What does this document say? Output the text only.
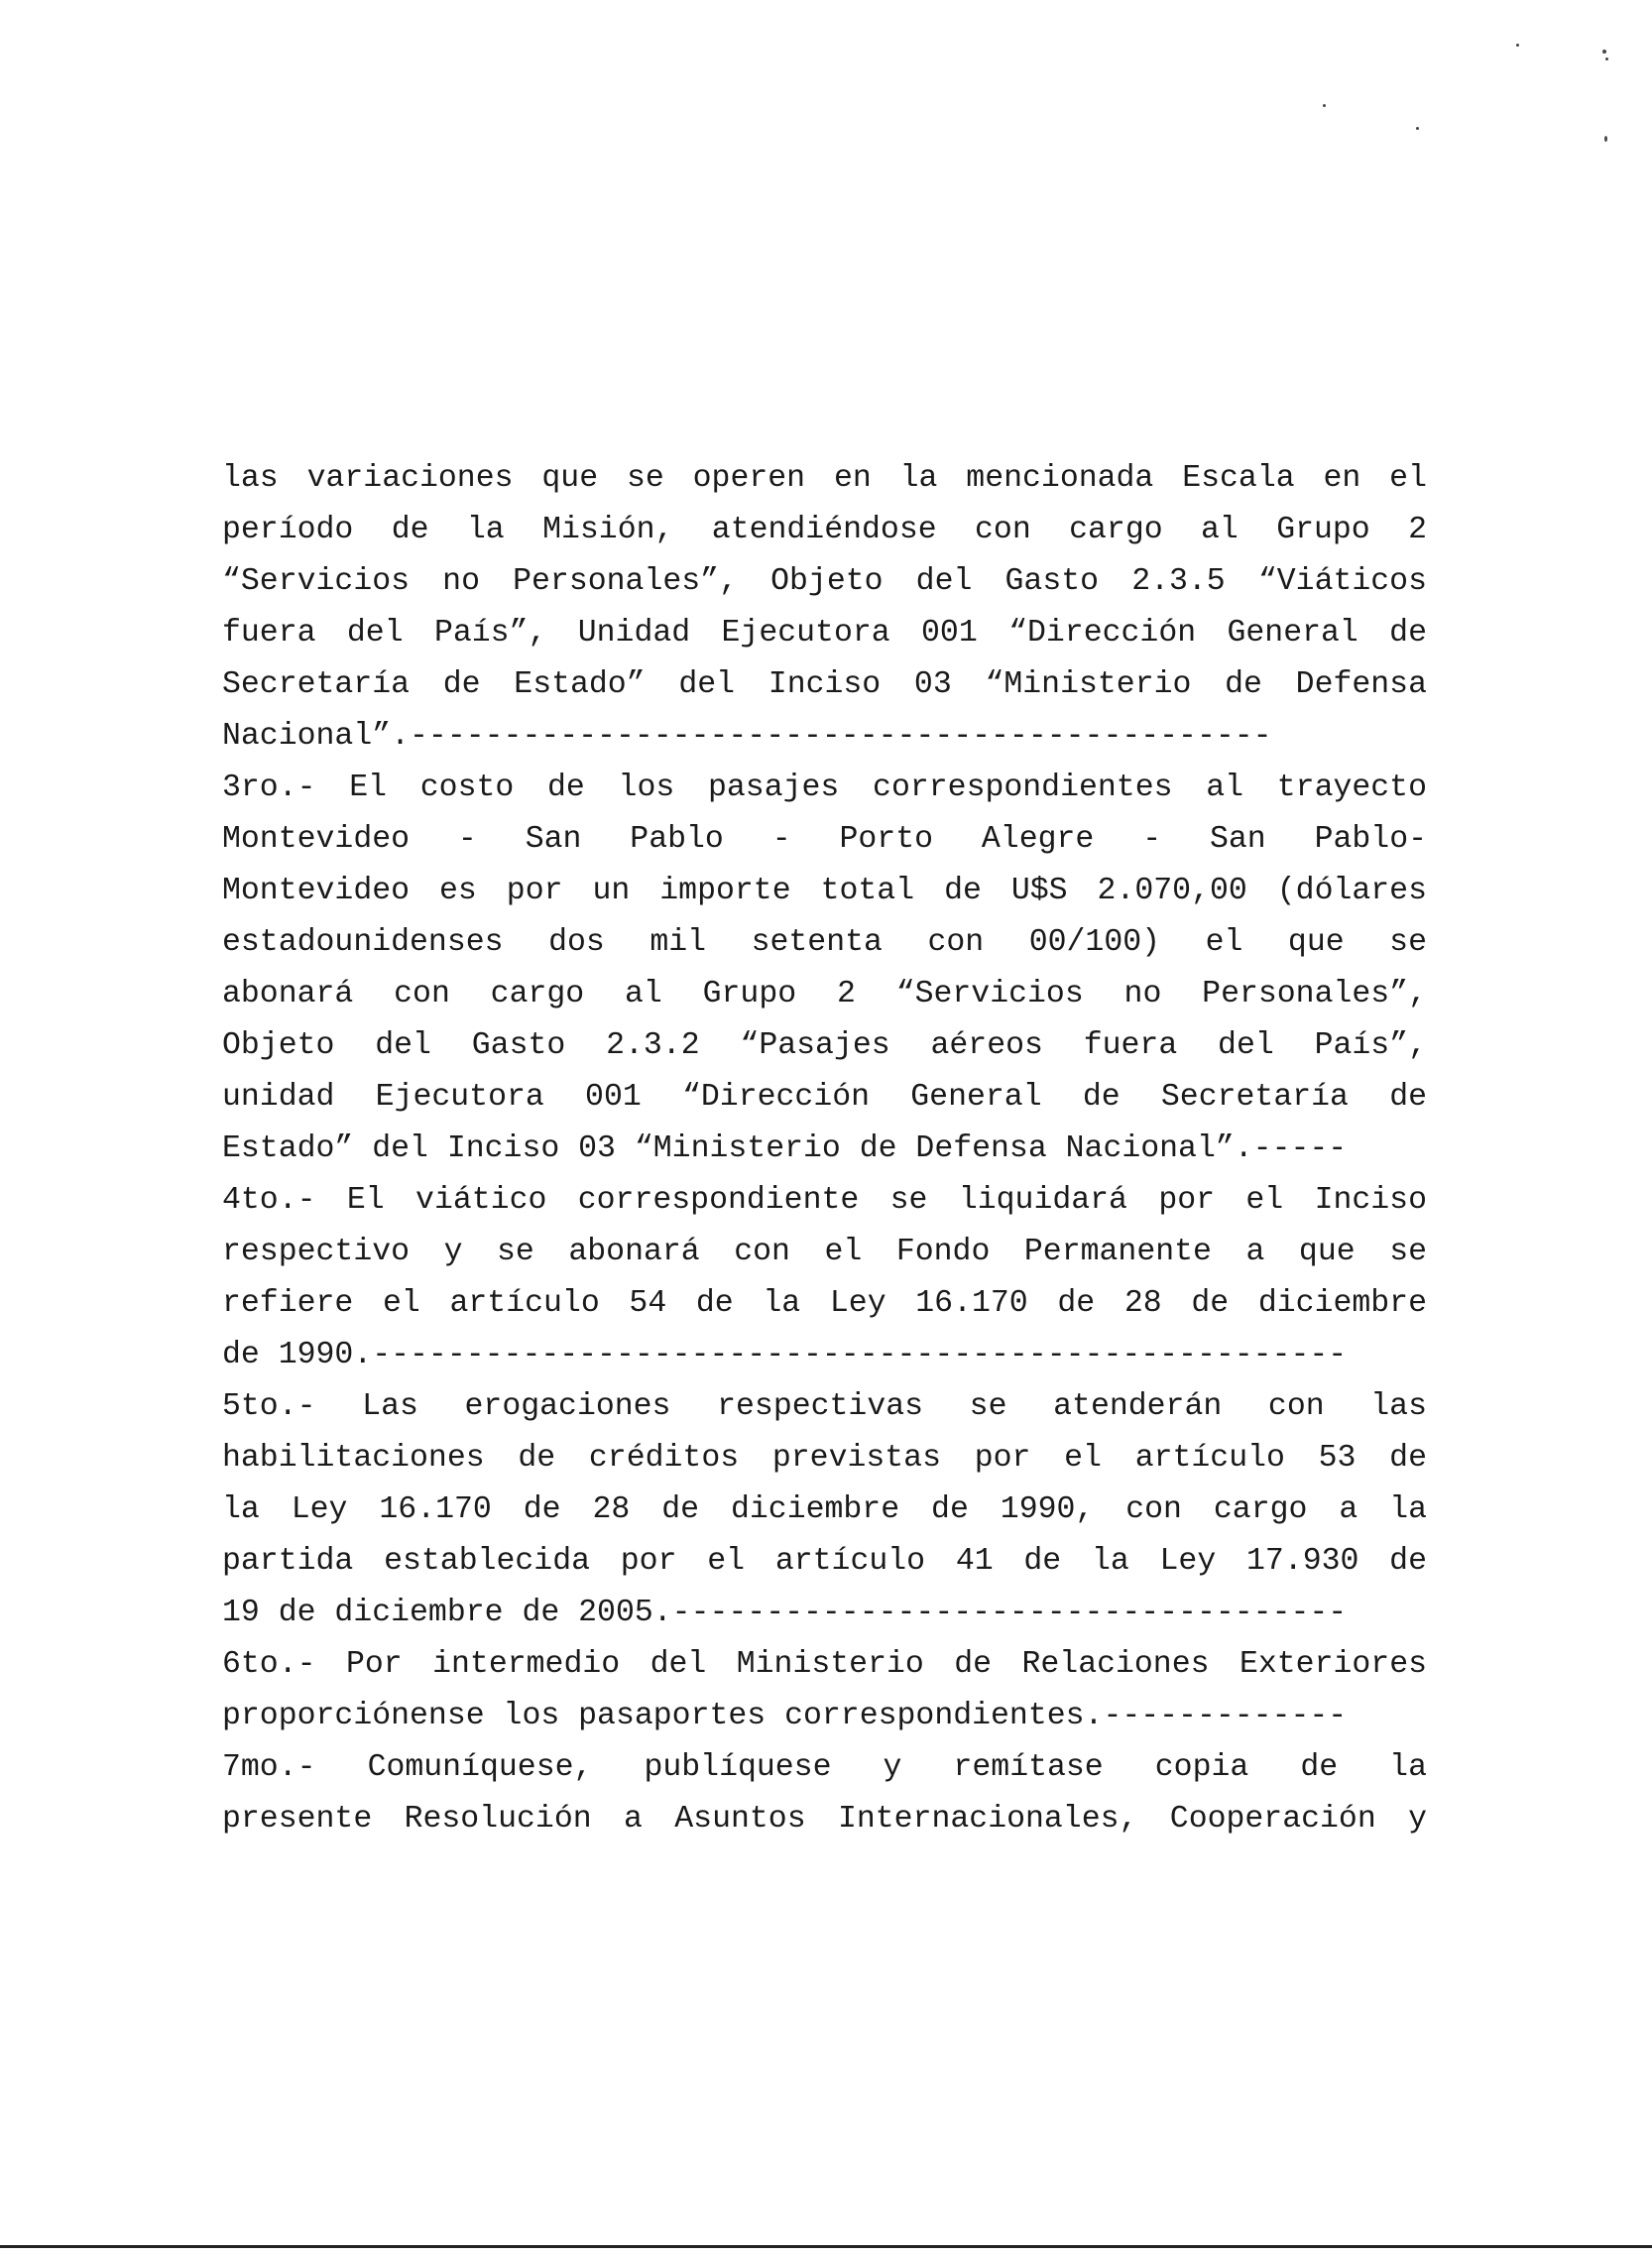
las variaciones que se operen en la mencionada Escala en el
período de la Misión, atendiéndose con cargo al Grupo 2
“Servicios no Personales”, Objeto del Gasto 2.3.5 “Viáticos
fuera del País”, Unidad Ejecutora 001 “Dirección General de
Secretaría de Estado” del Inciso 03 “Ministerio de Defensa
Nacional”.----------------------------------------------
3ro.- El costo de los pasajes correspondientes al trayecto
Montevideo - San Pablo - Porto Alegre - San Pablo-
Montevideo es por un importe total de U$S 2.070,00 (dólares
estadounidenses dos mil setenta con 00/100) el que se
abonará con cargo al Grupo 2 “Servicios no Personales”,
Objeto del Gasto 2.3.2 “Pasajes aéreos fuera del País”,
unidad Ejecutora 001 “Dirección General de Secretaría de
Estado” del Inciso 03 “Ministerio de Defensa Nacional”.-----
4to.- El viático correspondiente se liquidará por el Inciso
respectivo y se abonará con el Fondo Permanente a que se
refiere el artículo 54 de la Ley 16.170 de 28 de diciembre
de 1990.----------------------------------------------------
5to.- Las erogaciones respectivas se atenderán con las
habilitaciones de créditos previstas por el artículo 53 de
la Ley 16.170 de 28 de diciembre de 1990, con cargo a la
partida establecida por el artículo 41 de la Ley 17.930 de
19 de diciembre de 2005.------------------------------------
6to.- Por intermedio del Ministerio de Relaciones Exteriores
proporciónense los pasaportes correspondientes.-------------
7mo.- Comuníquese, publíquese y remítase copia de la
presente Resolución a Asuntos Internacionales, Cooperación y
